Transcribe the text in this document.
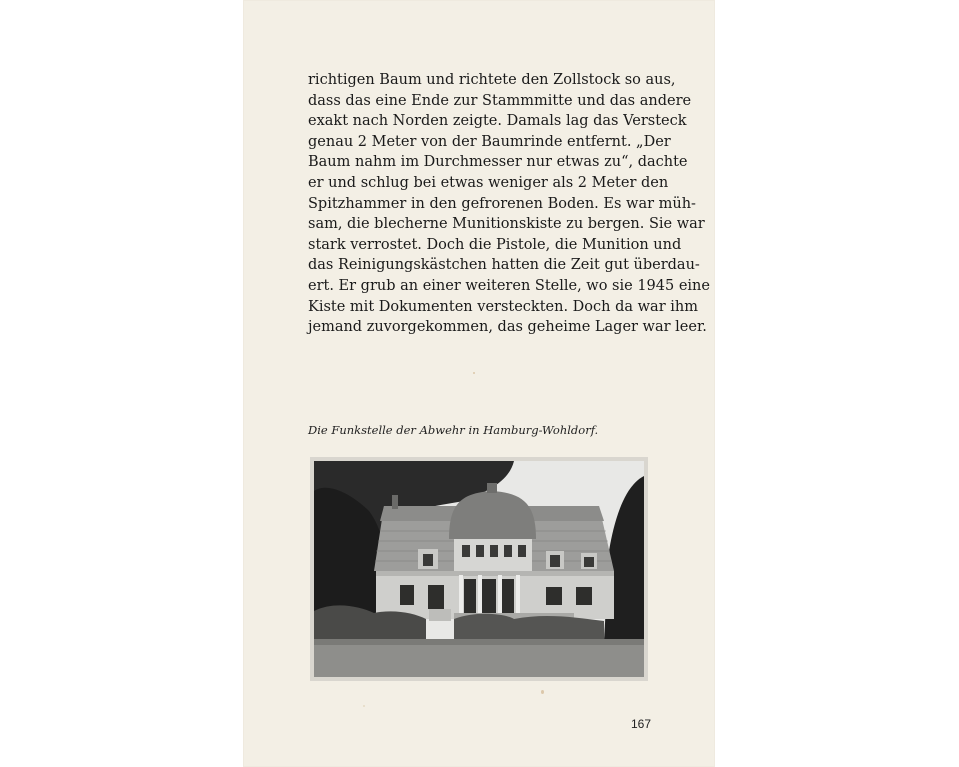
richtigen Baum und richtete den Zollstock so aus,
dass das eine Ende zur Stammmitte und das andere
exakt nach Norden zeigte. Damals lag das Versteck
genau 2 Meter von der Baumrinde entfernt. „Der
Baum nahm im Durchmesser nur etwas zu“, dachte
er und schlug bei etwas weniger als 2 Meter den
Spitzhammer in den gefrorenen Boden. Es war müh-
sam, die blecherne Munitionskiste zu bergen. Sie war
stark verrostet. Doch die Pistole, die Munition und
das Reinigungskästchen hatten die Zeit gut überdau-
ert. Er grub an einer weiteren Stelle, wo sie 1945 eine
Kiste mit Dokumenten versteckten. Doch da war ihm
jemand zuvorgekommen, das geheime Lager war leer.

Die Funkstelle der Abwehr in Hamburg-Wohldorf.

167
